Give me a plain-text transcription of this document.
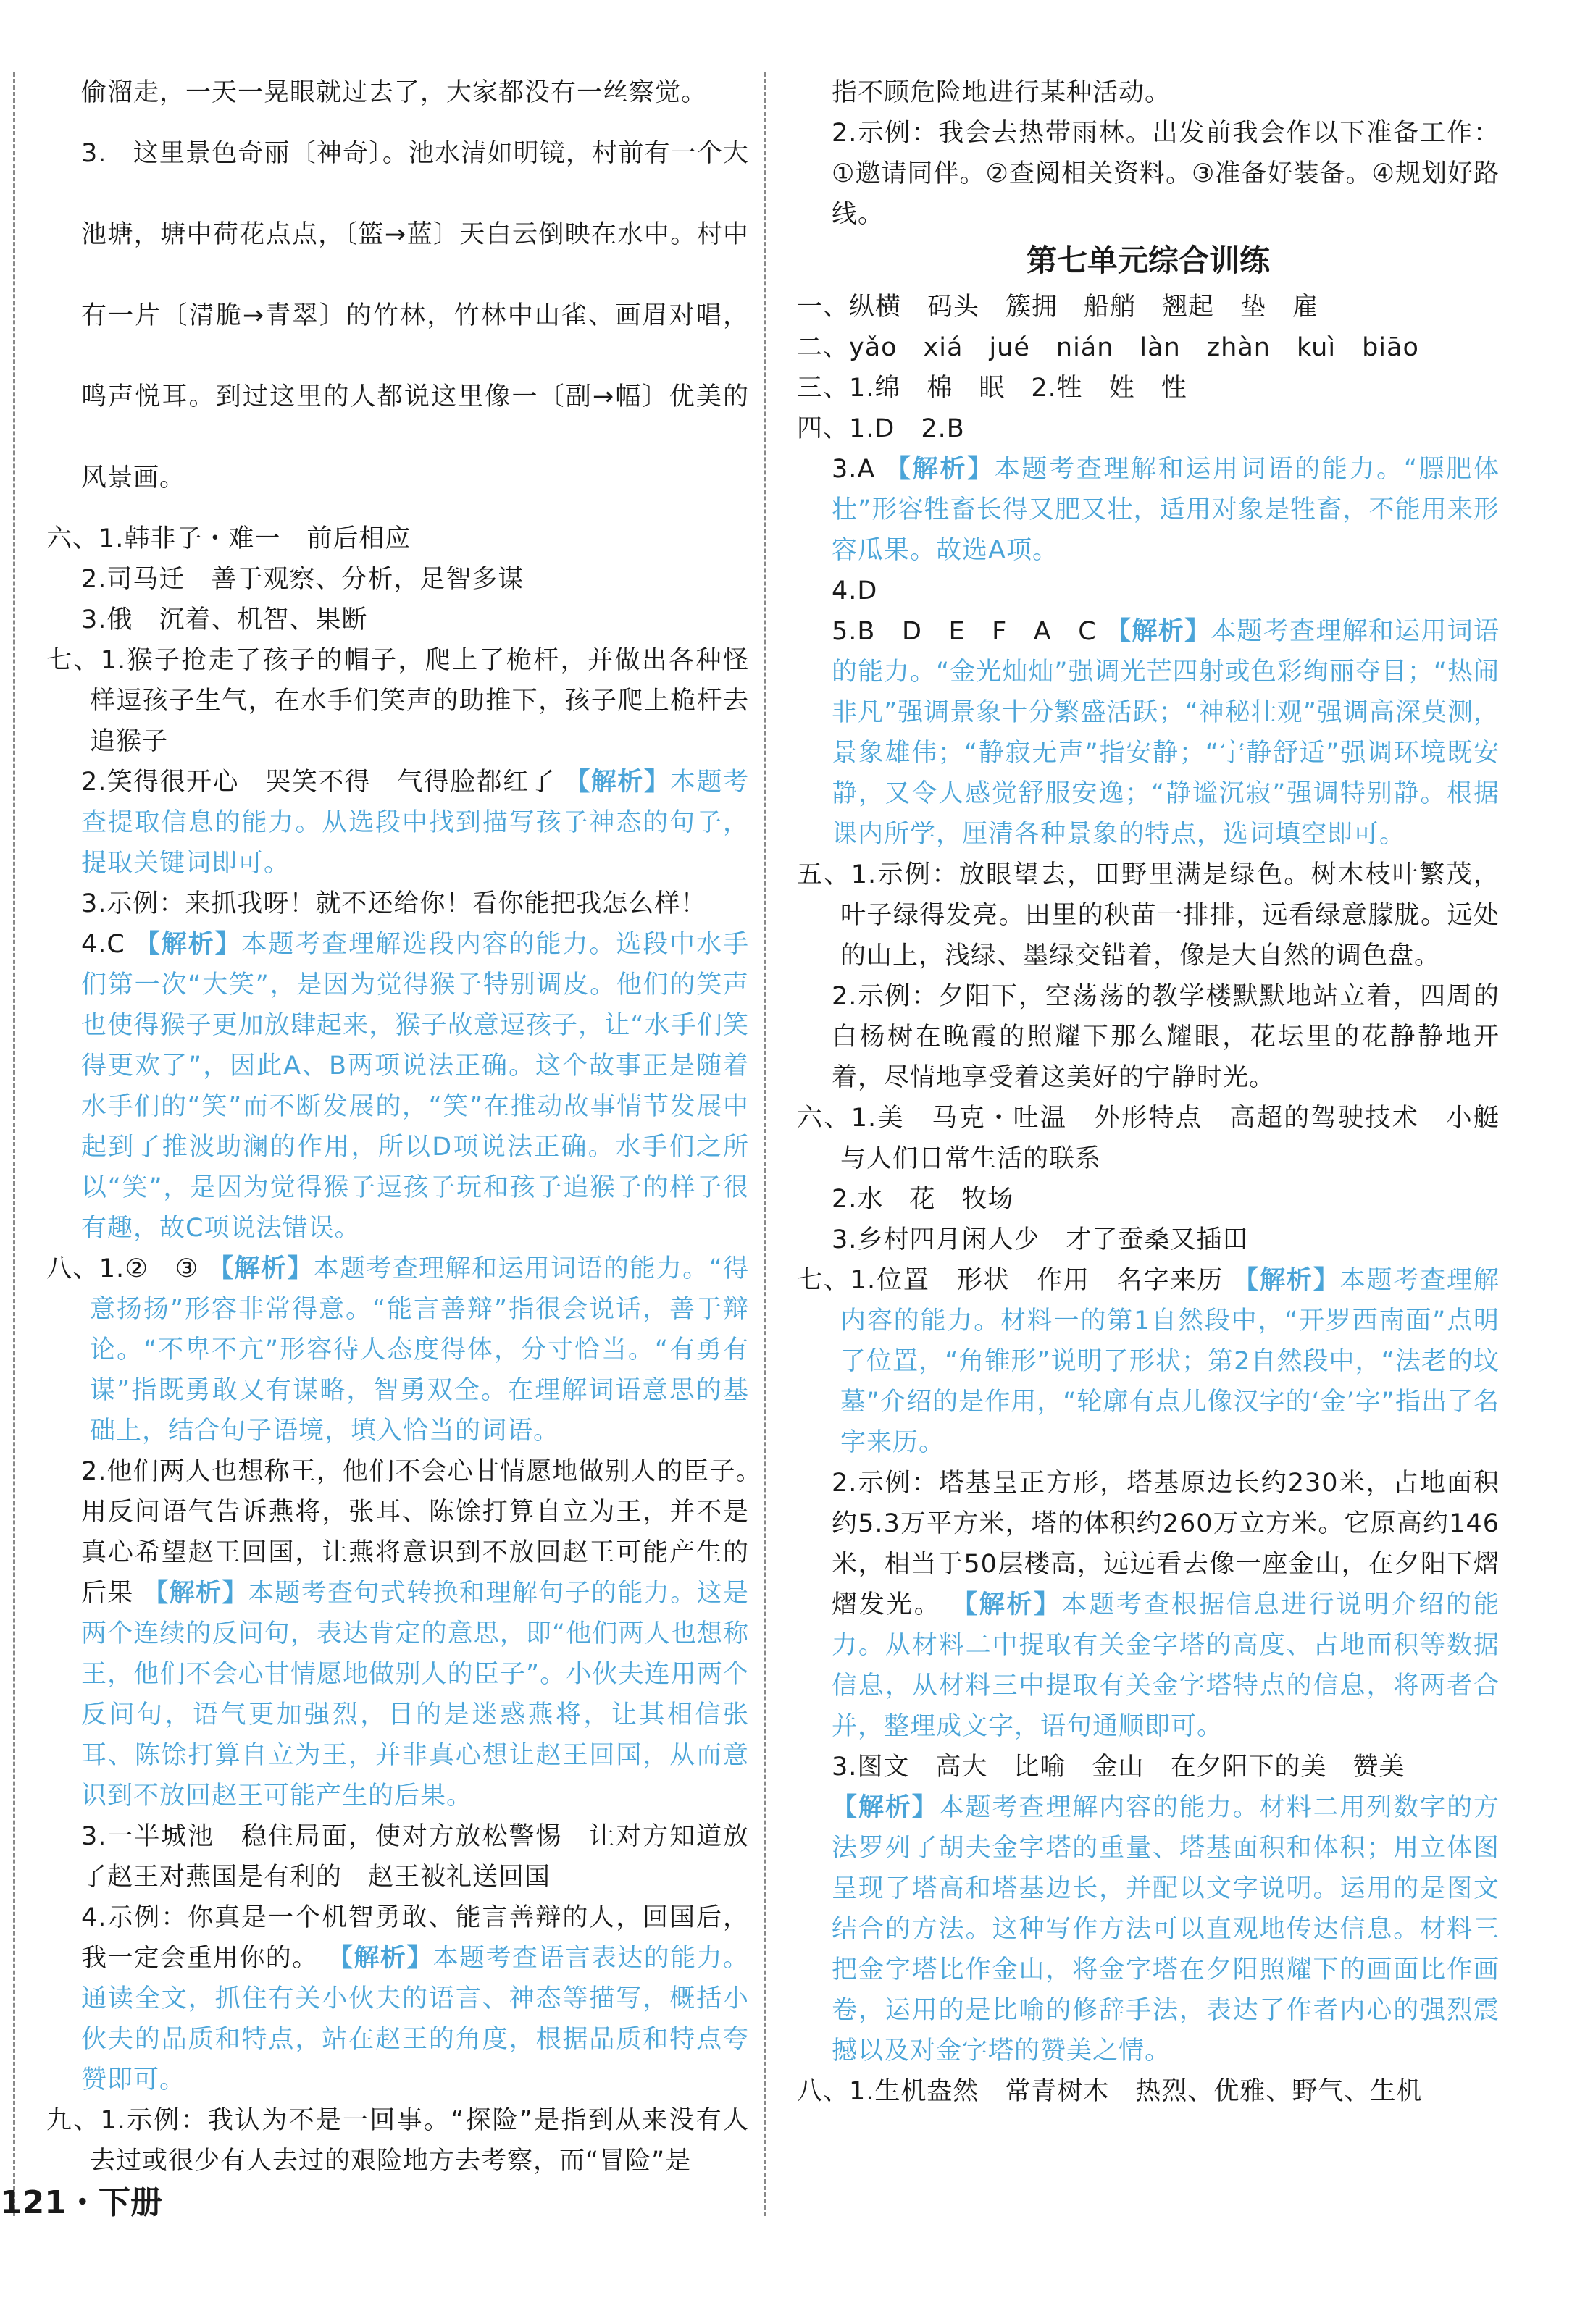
偷溜走，一天一晃眼就过去了，大家都没有一丝察觉。
3.　这里景色奇丽〔神奇〕。池水清如明镜，村前有一个大池塘，塘中荷花点点，〔篮→蓝〕天白云倒映在水中。村中有一片〔清脆→青翠〕的竹林，竹林中山雀、画眉对唱，鸣声悦耳。到过这里的人都说这里像一〔副→幅〕优美的风景画。
六、1.韩非子・难一　前后相应
2.司马迁　善于观察、分析，足智多谋
3.俄　沉着、机智、果断
七、1.猴子抢走了孩子的帽子，爬上了桅杆，并做出各种怪样逗孩子生气，在水手们笑声的助推下，孩子爬上桅杆去追猴子
2.笑得很开心　哭笑不得　气得脸都红了 【解析】本题考查提取信息的能力。从选段中找到描写孩子神态的句子，提取关键词即可。
3.示例：来抓我呀！就不还给你！看你能把我怎么样！
4.C 【解析】本题考查理解选段内容的能力。选段中水手们第一次“大笑”，是因为觉得猴子特别调皮。他们的笑声也使得猴子更加放肆起来，猴子故意逗孩子，让“水手们笑得更欢了”，因此A、B两项说法正确。这个故事正是随着水手们的“笑”而不断发展的，“笑”在推动故事情节发展中起到了推波助澜的作用，所以D项说法正确。水手们之所以“笑”，是因为觉得猴子逗孩子玩和孩子追猴子的样子很有趣，故C项说法错误。
八、1.②　③ 【解析】本题考查理解和运用词语的能力。“得意扬扬”形容非常得意。“能言善辩”指很会说话，善于辩论。“不卑不亢”形容待人态度得体，分寸恰当。“有勇有谋”指既勇敢又有谋略，智勇双全。在理解词语意思的基础上，结合句子语境，填入恰当的词语。
2.他们两人也想称王，他们不会心甘情愿地做别人的臣子。　用反问语气告诉燕将，张耳、陈馀打算自立为王，并不是真心希望赵王回国，让燕将意识到不放回赵王可能产生的后果 【解析】本题考查句式转换和理解句子的能力。这是两个连续的反问句，表达肯定的意思，即“他们两人也想称王，他们不会心甘情愿地做别人的臣子”。小伙夫连用两个反问句，语气更加强烈，目的是迷惑燕将，让其相信张耳、陈馀打算自立为王，并非真心想让赵王回国，从而意识到不放回赵王可能产生的后果。
3.一半城池　稳住局面，使对方放松警惕　让对方知道放了赵王对燕国是有利的　赵王被礼送回国
4.示例：你真是一个机智勇敢、能言善辩的人，回国后，我一定会重用你的。 【解析】本题考查语言表达的能力。通读全文，抓住有关小伙夫的语言、神态等描写，概括小伙夫的品质和特点，站在赵王的角度，根据品质和特点夸赞即可。
九、1.示例：我认为不是一回事。“探险”是指到从来没有人去过或很少有人去过的艰险地方去考察，而“冒险”是
指不顾危险地进行某种活动。
2.示例：我会去热带雨林。出发前我会作以下准备工作：①邀请同伴。②查阅相关资料。③准备好装备。④规划好路线。
第七单元综合训练
一、纵横　码头　簇拥　船艄　翘起　垫　雇
二、yǎo　xiá　jué　nián　làn　zhàn　kuì　biāo
三、1.绵　棉　眠　2.牲　姓　性
四、1.D　2.B
3.A 【解析】本题考查理解和运用词语的能力。“膘肥体壮”形容牲畜长得又肥又壮，适用对象是牲畜，不能用来形容瓜果。故选A项。
4.D
5.B　D　E　F　A　C 【解析】本题考查理解和运用词语的能力。“金光灿灿”强调光芒四射或色彩绚丽夺目；“热闹非凡”强调景象十分繁盛活跃；“神秘壮观”强调高深莫测，景象雄伟；“静寂无声”指安静；“宁静舒适”强调环境既安静，又令人感觉舒服安逸；“静谧沉寂”强调特别静。根据课内所学，厘清各种景象的特点，选词填空即可。
五、1.示例：放眼望去，田野里满是绿色。树木枝叶繁茂，叶子绿得发亮。田里的秧苗一排排，远看绿意朦胧。远处的山上，浅绿、墨绿交错着，像是大自然的调色盘。
2.示例：夕阳下，空荡荡的教学楼默默地站立着，四周的白杨树在晚霞的照耀下那么耀眼，花坛里的花静静地开着，尽情地享受着这美好的宁静时光。
六、1.美　马克・吐温　外形特点　高超的驾驶技术　小艇与人们日常生活的联系
2.水　花　牧场
3.乡村四月闲人少　才了蚕桑又插田
七、1.位置　形状　作用　名字来历 【解析】本题考查理解内容的能力。材料一的第1自然段中，“开罗西南面”点明了位置，“角锥形”说明了形状；第2自然段中，“法老的坟墓”介绍的是作用，“轮廓有点儿像汉字的‘金’字”指出了名字来历。
2.示例：塔基呈正方形，塔基原边长约230米，占地面积约5.3万平方米，塔的体积约260万立方米。它原高约146米，相当于50层楼高，远远看去像一座金山，在夕阳下熠熠发光。 【解析】本题考查根据信息进行说明介绍的能力。从材料二中提取有关金字塔的高度、占地面积等数据信息，从材料三中提取有关金字塔特点的信息，将两者合并，整理成文字，语句通顺即可。
3.图文　高大　比喻　金山　在夕阳下的美　赞美
【解析】本题考查理解内容的能力。材料二用列数字的方法罗列了胡夫金字塔的重量、塔基面积和体积；用立体图呈现了塔高和塔基边长，并配以文字说明。运用的是图文结合的方法。这种写作方法可以直观地传达信息。材料三把金字塔比作金山，将金字塔在夕阳照耀下的画面比作画卷，运用的是比喻的修辞手法，表达了作者内心的强烈震撼以及对金字塔的赞美之情。
八、1.生机盎然　常青树木　热烈、优雅、野气、生机
121・下册
